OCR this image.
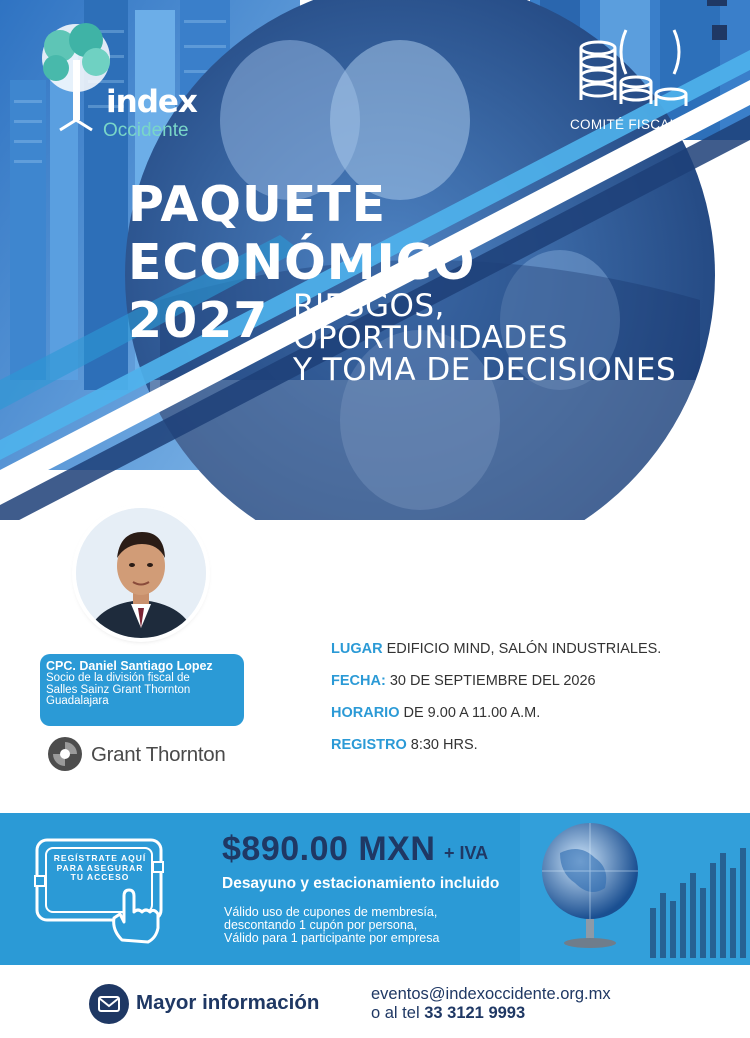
index
Occidente	COMITÉ FISCAL
PAQUETE
ECONÓMICO
2027 RIESGOS,
OPORTUNIDADES
Y TOMA DE DECISIONES
CPC. Daniel Santiago Lopez
Socio de la división fiscal de
Salles Sainz Grant Thornton
Guadalajara
Grant Thornton
LUGAR EDIFICIO MIND, SALÓN INDUSTRIALES.
FECHA: 30 DE SEPTIEMBRE DEL 2026
HORARIO DE 9.00 A 11.00 A.M.
REGISTRO 8:30 HRS.
REGÍSTRATE AQUÍ
PARA ASEGURAR
TU ACCESO
$890.00 MXN + IVA
Desayuno y estacionamiento incluido
Válido uso de cupones de membresía,
descontando 1 cupón por persona,
Válido para 1 participante por empresa
Mayor información	eventos@indexoccidente.org.mx
o al tel 33 3121 9993
